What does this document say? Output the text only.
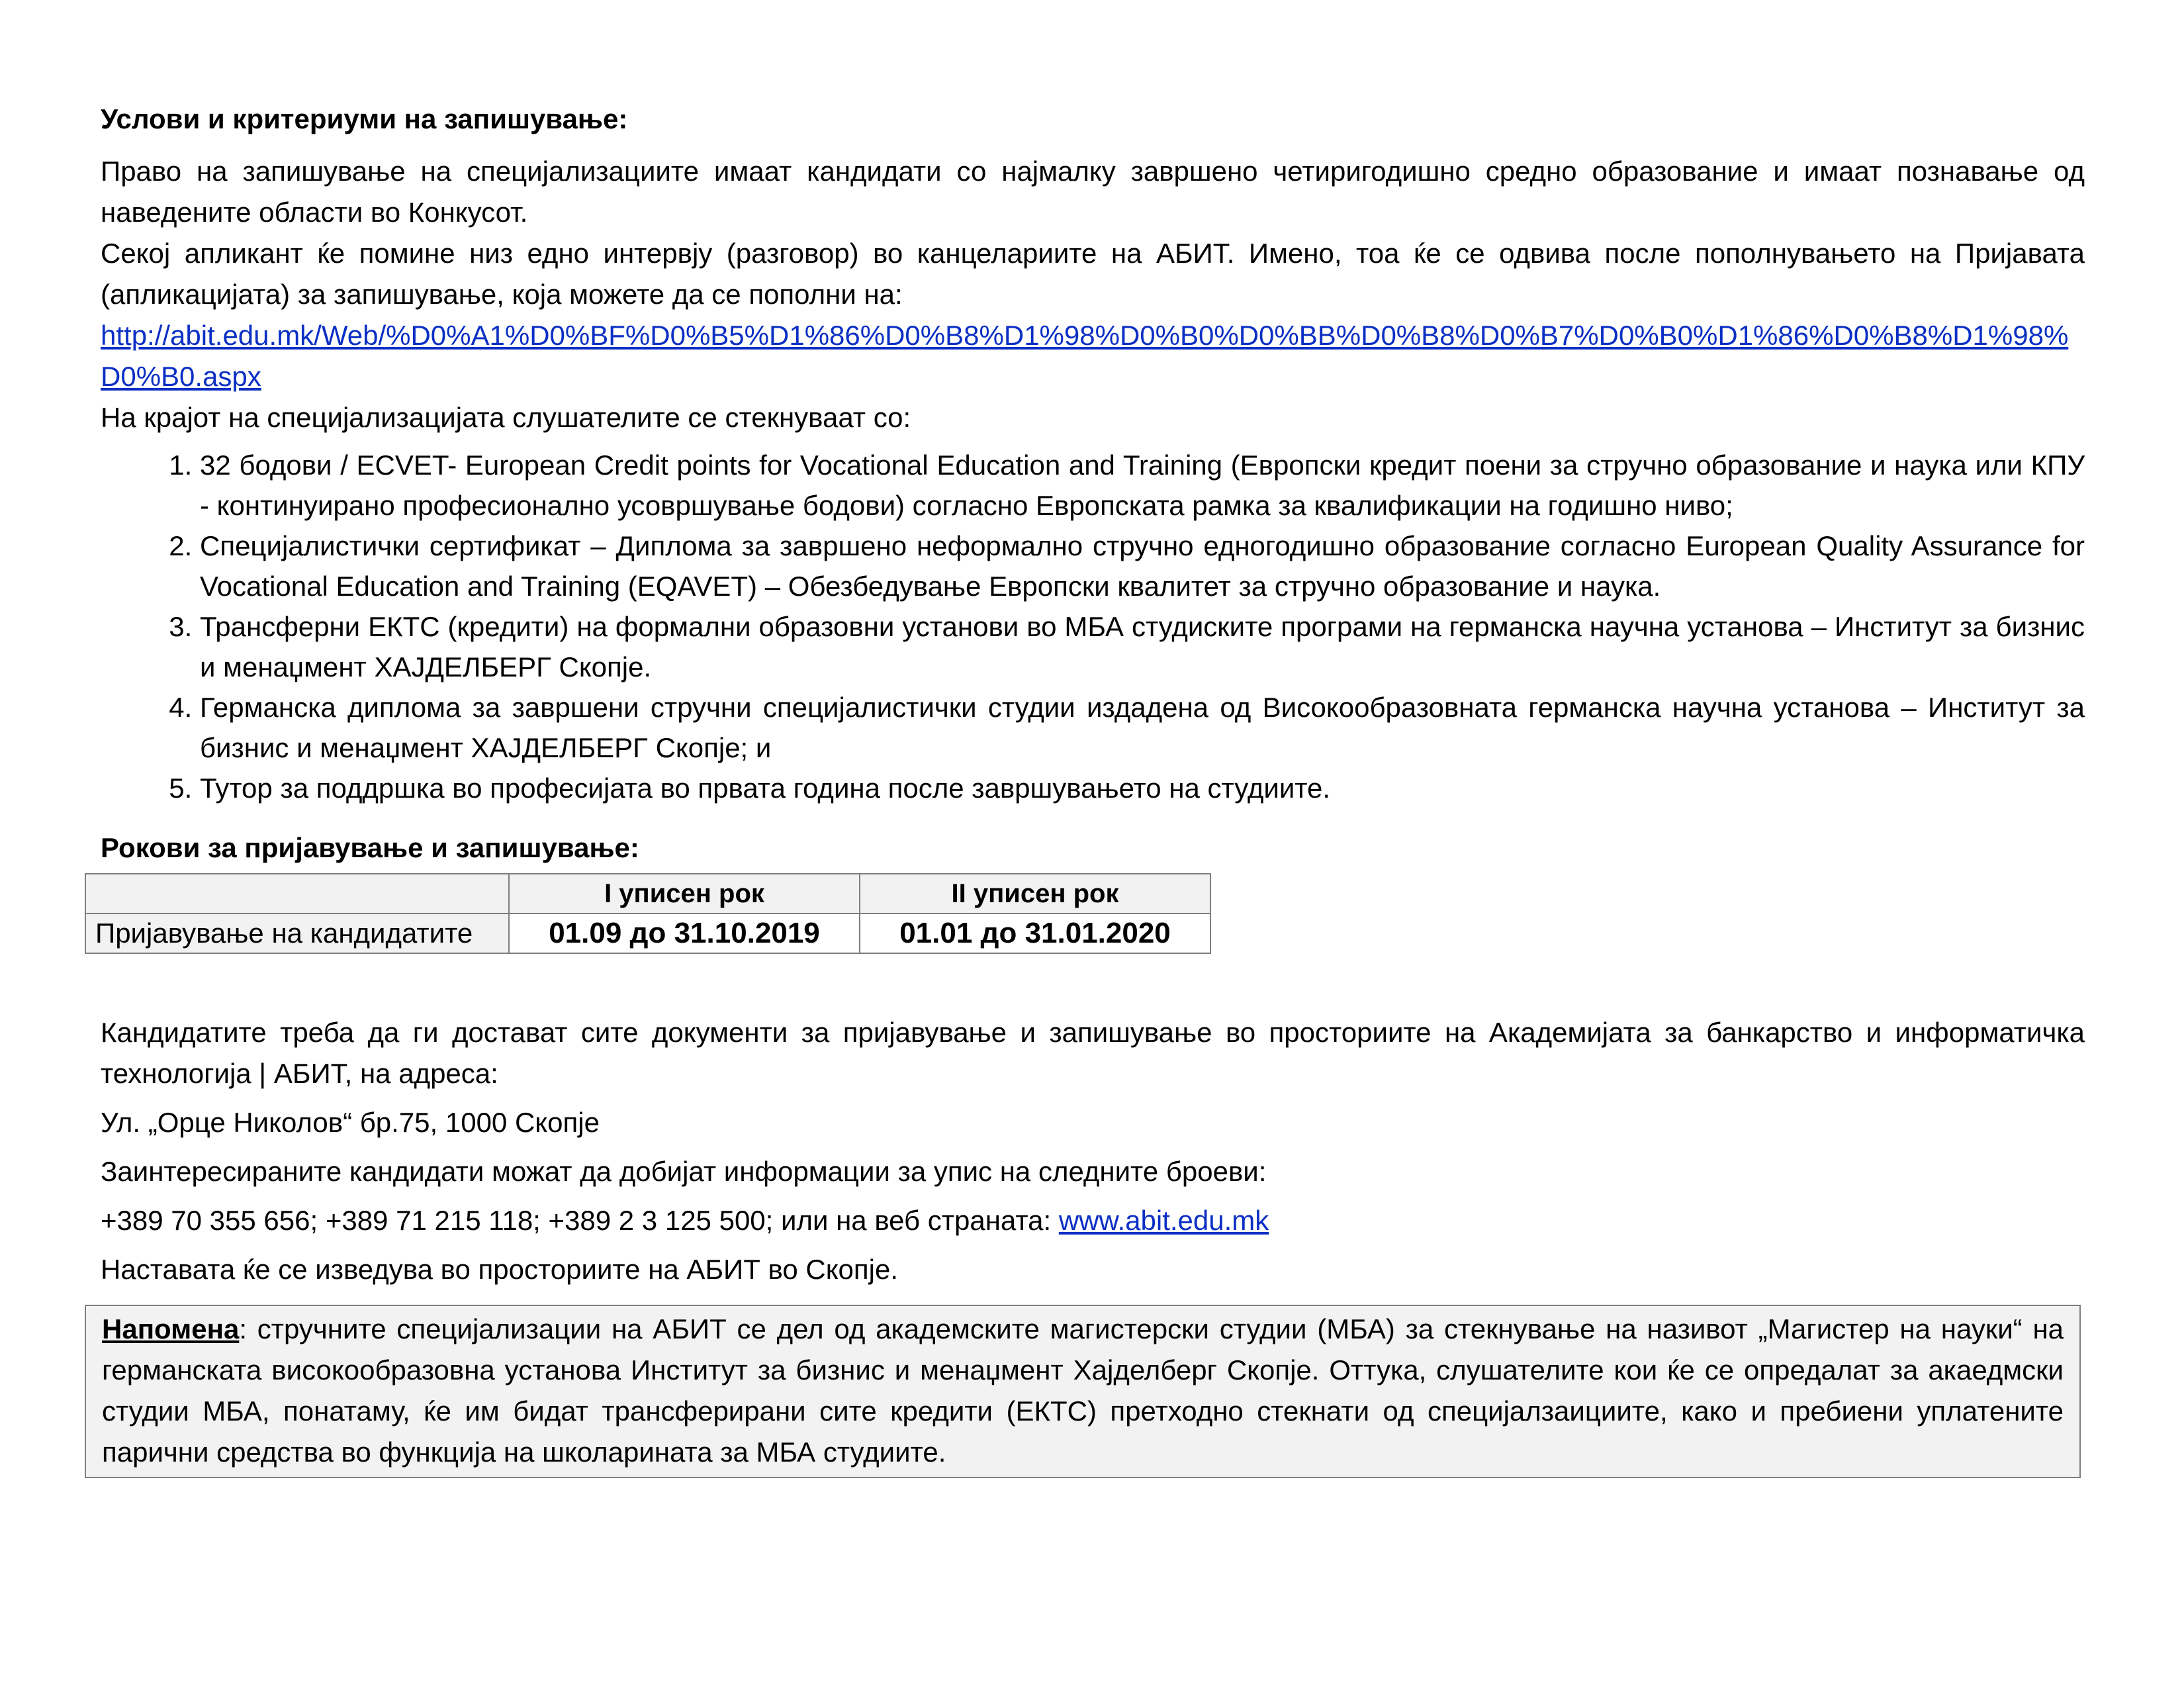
Услови и критериуми на запишување:

Право на запишување на специјализациите имаат кандидати со најмалку завршено четиригодишно средно образование и имаат познавање од наведените области во Конкусот.

Секој апликант ќе помине низ едно интервју (разговор) во канцелариите на АБИТ. Имено, тоа ќе се одвива после пополнувањето на Пријавата (апликацијата) за запишување, која можете да се пополни на:

http://abit.edu.mk/Web/%D0%A1%D0%BF%D0%B5%D1%86%D0%B8%D1%98%D0%B0%D0%BB%D0%B8%D0%B7%D0%B0%D1%86%D0%B8%D1%98%D0%B0.aspx

На крајот на специјализацијата слушателите се стекнуваат со:

1. 32 бодови / ECVET- European Credit points for Vocational Education and Training (Европски кредит поени за стручно образование и наука или КПУ - континуирано професионално усовршување бодови) согласно Европската рамка за квалификации на годишно ниво;
2. Специјалистички сертификат – Диплома за завршено неформално стручно едногодишно образование согласно European Quality Assurance for Vocational Education and Training (EQAVET) – Обезбедување Европски квалитет за стручно образование и наука.
3. Трансферни ЕКТС (кредити) на формални образовни установи во МБА студиските програми на германска научна установа – Институт за бизнис и менаџмент ХАЈДЕЛБЕРГ Скопје.
4. Германска диплома за завршени стручни специјалистички студии издадена од Високообразовната германска научна установа – Институт за бизнис и менаџмент ХАЈДЕЛБЕРГ Скопје; и
5. Тутор за поддршка во професијата во првата година после завршувањето на студиите.

Рокови за пријавување и запишување:

	I уписен рок	II уписен рок
Пријавување на кандидатите	01.09 до 31.10.2019	01.01 до 31.01.2020

Кандидатите треба да ги достават сите документи за пријавување и запишување во просториите на Академијата за банкарство и информатичка технологија | АБИТ, на адреса:

Ул. „Орце Николов“ бр.75, 1000 Скопје

Заинтересираните кандидати можат да добијат информации за упис на следните броеви:

+389 70 355 656; +389 71 215 118; +389 2 3 125 500; или на веб страната: www.abit.edu.mk

Наставата ќе се изведува во просториите на АБИТ во Скопје.

Напомена: стручните специјализации на АБИТ се дел од академските магистерски студии (МБА) за стекнување на називот „Магистер на науки“ на германската високообразовна установа Институт за бизнис и менаџмент Хајделберг Скопје. Оттука, слушателите кои ќе се опредалат за акаедмски студии МБА, понатаму, ќе им бидат трансферирани сите кредити (ЕКТС) претходно стекнати од специјалзаициите, како и пребиени уплатените парични средства во функција на школарината за МБА студиите.
